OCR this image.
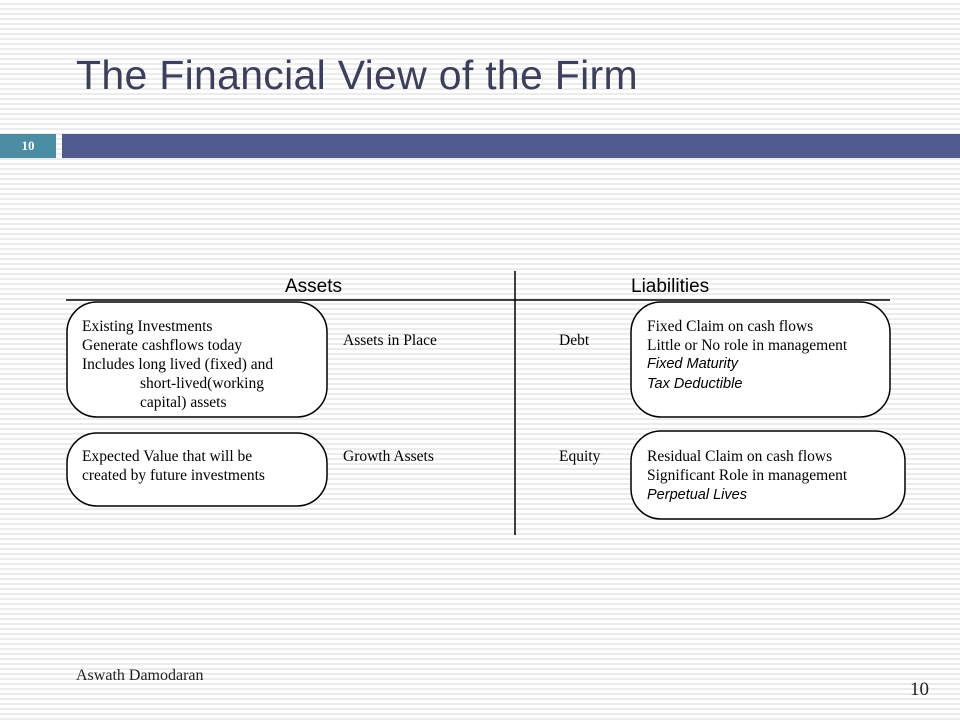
The Financial View of the Firm
10
Assets	Liabilities
Existing Investments
Generate cashflows today
Includes long lived (fixed) and
short-lived(working
capital) assets
Assets in Place
Expected Value that will be
created by future investments
Growth Assets
Debt
Fixed Claim on cash flows
Little or No role in management
Fixed Maturity
Tax Deductible
Equity	Residual Claim on cash flows
Significant Role in management
Perpetual Lives
Aswath Damodaran
10
